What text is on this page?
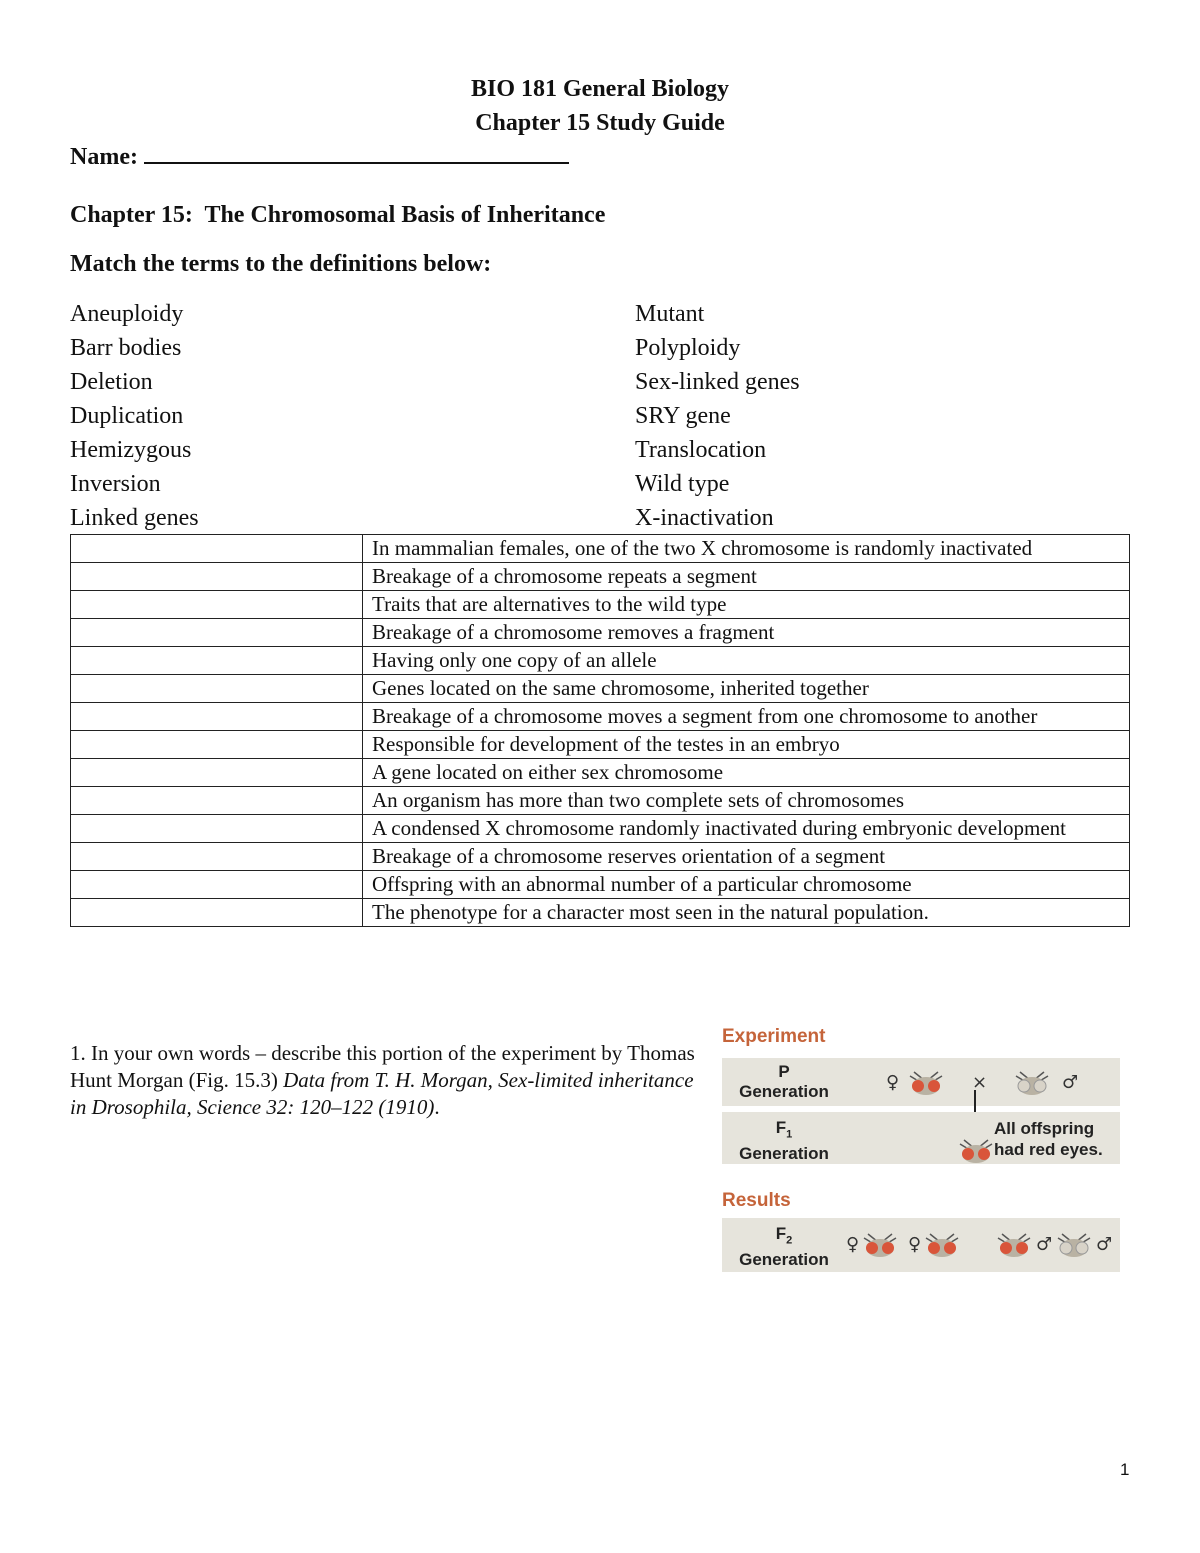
BIO 181 General Biology
Chapter 15 Study Guide
Name:
Chapter 15:  The Chromosomal Basis of Inheritance
Match the terms to the definitions below:
Aneuploidy
Barr bodies
Deletion
Duplication
Hemizygous
Inversion
Linked genes
Mutant
Polyploidy
Sex-linked genes
SRY gene
Translocation
Wild type
X-inactivation
	In mammalian females, one of the two X chromosome is randomly inactivated
	Breakage of a chromosome repeats a segment
	Traits that are alternatives to the wild type
	Breakage of a chromosome removes a fragment
	Having only one copy of an allele
	Genes located on the same chromosome, inherited together
	Breakage of a chromosome moves a segment from one chromosome to another
	Responsible for development of the testes in an embryo
	A gene located on either sex chromosome
	An organism has more than two complete sets of chromosomes
	A condensed X chromosome randomly inactivated during embryonic development
	Breakage of a chromosome reserves orientation of a segment
	Offspring with an abnormal number of a particular chromosome
	The phenotype for a character most seen in the natural population.
1. In your own words – describe this portion of the experiment by Thomas Hunt Morgan (Fig. 15.3) Data from T. H. Morgan, Sex-limited inheritance in Drosophila, Science 32: 120–122 (1910).
Experiment
P
Generation	♀	×	♂
$F_1$
Generation
All offspring
had red eyes.
Results
$F_2$
Generation
♀	♀	♂ ♂
1
